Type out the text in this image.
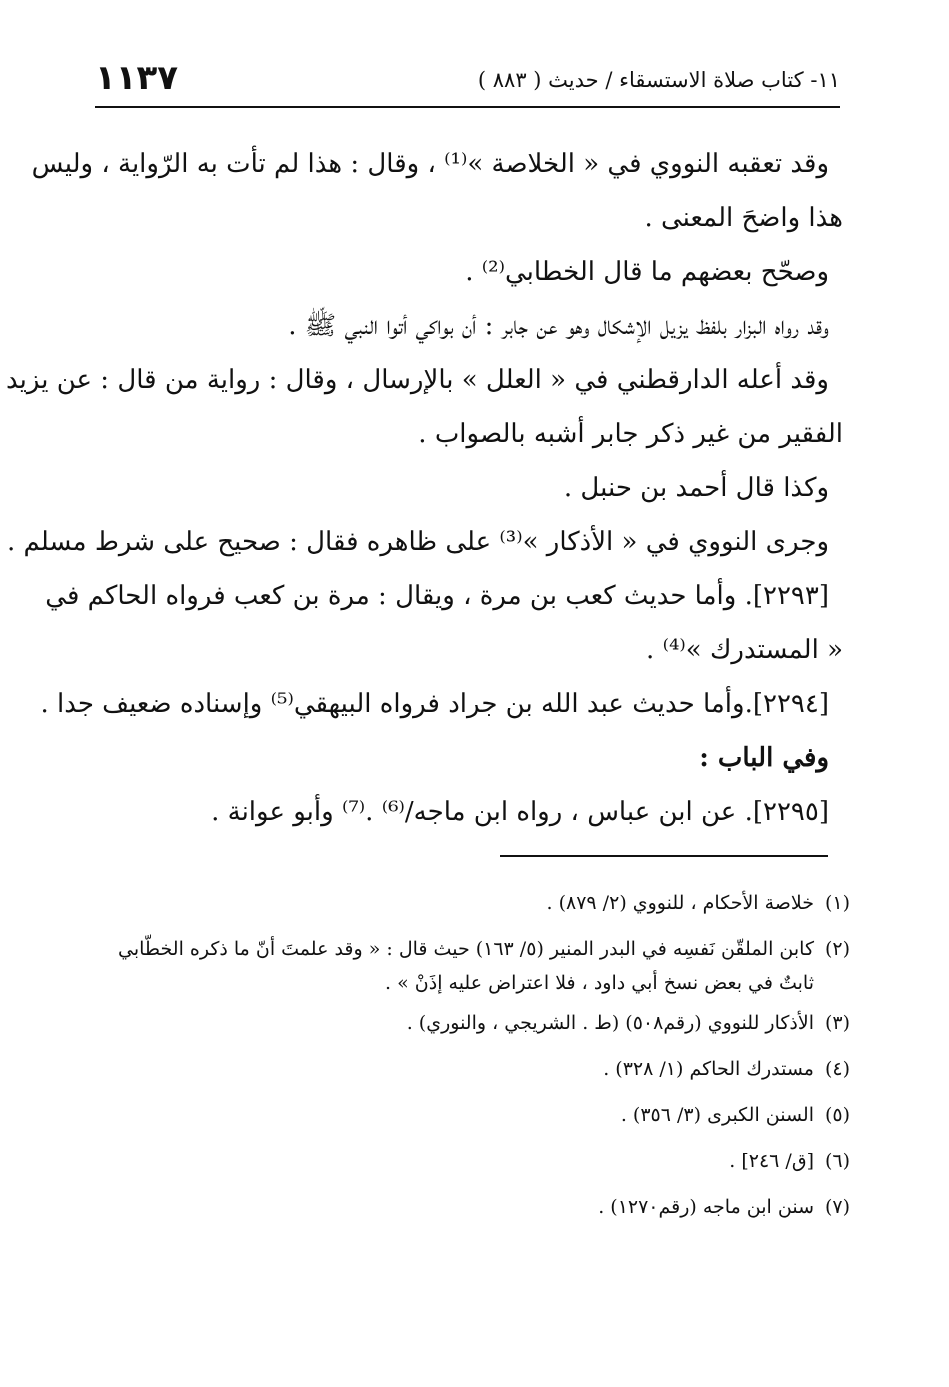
١١- كتاب صلاة الاستسقاء / حديث ( ٨٨٣ )
١١٣٧
وقد تعقبه النووي في « الخلاصة »⁽¹⁾ ، وقال : هذا لم تأت به الرّواية ، وليس
هذا واضحَ المعنى .
وصحّح بعضهم ما قال الخطابي⁽²⁾ .
وقد رواه البزار بلفظ يزيل الإشكال وهو عن جابر : أن بواكي أتوا النبي ﷺ .
وقد أعله الدارقطني في « العلل » بالإرسال ، وقال : رواية من قال : عن يزيد
الفقير من غير ذكر جابر أشبه بالصواب .
وكذا قال أحمد بن حنبل .
وجرى النووي في « الأذكار »⁽³⁾ على ظاهره فقال : صحيح على شرط مسلم .
[٢٢٩٣]. وأما حديث كعب بن مرة ، ويقال : مرة بن كعب فرواه الحاكم في
« المستدرك »⁽⁴⁾ .
[٢٢٩٤].وأما حديث عبد الله بن جراد فرواه البيهقي⁽⁵⁾ وإسناده ضعيف جدا .
وفي الباب :
[٢٢٩٥]. عن ابن عباس ، رواه ابن ماجه/⁽⁶⁾ .⁽⁷⁾ وأبو عوانة .
(١)خلاصة الأحكام ، للنووي (٢/ ٨٧٩) .
(٢)كابن الملقّن نَفسِه في البدر المنير (٥/ ١٦٣) حيث قال : « وقد علمتَ أنّ ما ذكره الخطّابي
ثابتٌ في بعض نسخ أبي داود ، فلا اعتراض عليه إذَنْ » .
(٣)الأذكار للنووي (رقم٥٠٨) (ط . الشريجي ، والنوري) .
(٤)مستدرك الحاكم (١/ ٣٢٨) .
(٥)السنن الكبرى (٣/ ٣٥٦) .
(٦)[ق/ ٢٤٦] .
(٧)سنن ابن ماجه (رقم١٢٧٠) .
